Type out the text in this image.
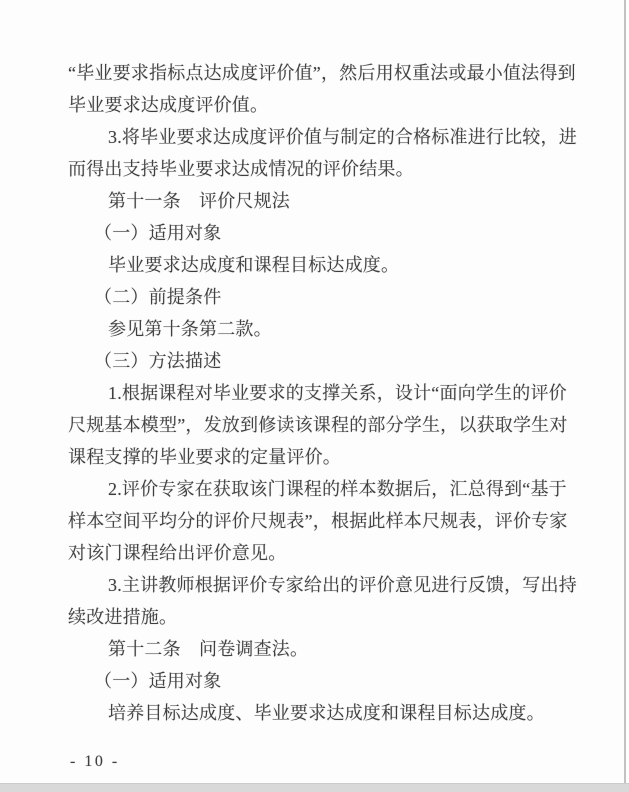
“毕业要求指标点达成度评价值”，然后用权重法或最小值法得到
毕业要求达成度评价值。
3.将毕业要求达成度评价值与制定的合格标准进行比较，进
而得出支持毕业要求达成情况的评价结果。
第十一条　评价尺规法
（一）适用对象
毕业要求达成度和课程目标达成度。
（二）前提条件
参见第十条第二款。
（三）方法描述
1.根据课程对毕业要求的支撑关系，设计“面向学生的评价
尺规基本模型”，发放到修读该课程的部分学生，以获取学生对
课程支撑的毕业要求的定量评价。
2.评价专家在获取该门课程的样本数据后，汇总得到“基于
样本空间平均分的评价尺规表”，根据此样本尺规表，评价专家
对该门课程给出评价意见。
3.主讲教师根据评价专家给出的评价意见进行反馈，写出持
续改进措施。
第十二条　问卷调查法。
（一）适用对象
培养目标达成度、毕业要求达成度和课程目标达成度。
- 10 -
